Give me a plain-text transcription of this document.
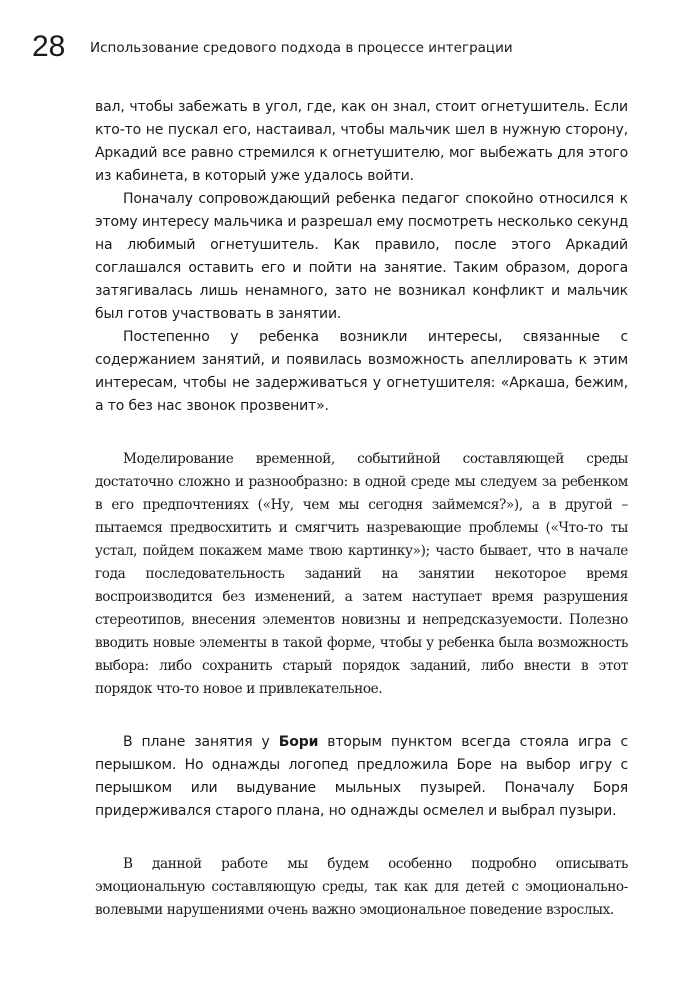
28 Использование средового подхода в процессе интеграции

вал, чтобы забежать в угол, где, как он знал, стоит огнетушитель. Если кто-то не пускал его, настаивал, чтобы мальчик шел в нужную сторону, Аркадий все равно стремился к огнетушителю, мог выбежать для этого из кабинета, в который уже удалось войти.

Поначалу сопровождающий ребенка педагог спокойно относился к этому интересу мальчика и разрешал ему посмотреть несколько секунд на любимый огнетушитель. Как правило, после этого Аркадий соглашался оставить его и пойти на занятие. Таким образом, дорога затягивалась лишь ненамного, зато не возникал конфликт и мальчик был готов участвовать в занятии.

Постепенно у ребенка возникли интересы, связанные с содержанием занятий, и появилась возможность апеллировать к этим интересам, чтобы не задерживаться у огнетушителя: «Аркаша, бежим, а то без нас звонок прозвенит».

Моделирование временной, событийной составляющей среды достаточно сложно и разнообразно: в одной среде мы следуем за ребенком в его предпочтениях («Ну, чем мы сегодня займемся?»), а в другой – пытаемся предвосхитить и смягчить назревающие проблемы («Что-то ты устал, пойдем покажем маме твою картинку»); часто бывает, что в начале года последовательность заданий на занятии некоторое время воспроизводится без изменений, а затем наступает время разрушения стереотипов, внесения элементов новизны и непредсказуемости. Полезно вводить новые элементы в такой форме, чтобы у ребенка была возможность выбора: либо сохранить старый порядок заданий, либо внести в этот порядок что-то новое и привлекательное.

В плане занятия у Бори вторым пунктом всегда стояла игра с перышком. Но однажды логопед предложила Боре на выбор игру с перышком или выдувание мыльных пузырей. Поначалу Боря придерживался старого плана, но однажды осмелел и выбрал пузыри.

В данной работе мы будем особенно подробно описывать эмоциональную составляющую среды, так как для детей с эмоционально-волевыми нарушениями очень важно эмоциональное поведение взрослых.
